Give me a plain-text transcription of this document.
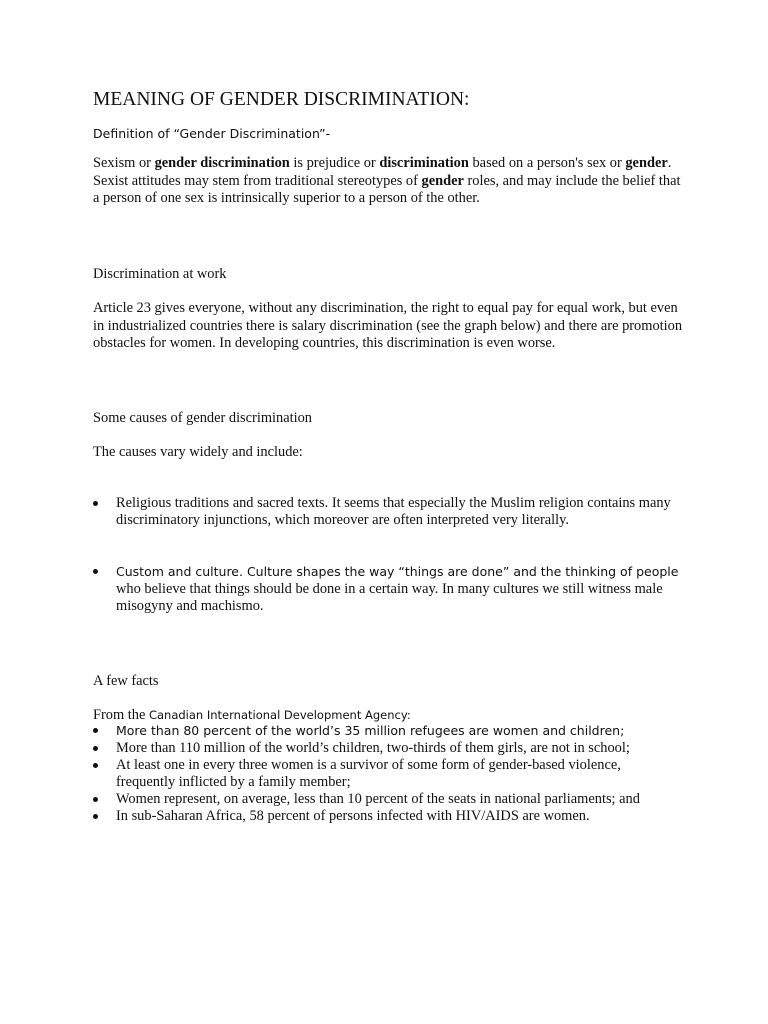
MEANING OF GENDER DISCRIMINATION:
Definition of “Gender Discrimination”-

Sexism or gender discrimination is prejudice or discrimination based on a person's sex or gender. Sexist attitudes may stem from traditional stereotypes of gender roles, and may include the belief that a person of one sex is intrinsically superior to a person of the other.

Discrimination at work

Article 23 gives everyone, without any discrimination, the right to equal pay for equal work, but even in industrialized countries there is salary discrimination (see the graph below) and there are promotion obstacles for women. In developing countries, this discrimination is even worse.

Some causes of gender discrimination
The causes vary widely and include:
Religious traditions and sacred texts. It seems that especially the Muslim religion contains many discriminatory injunctions, which moreover are often interpreted very literally.
Custom and culture. Culture shapes the way “things are done” and the thinking of people who believe that things should be done in a certain way. In many cultures we still witness male misogyny and machismo.
A few facts
From the Canadian International Development Agency:
More than 80 percent of the world’s 35 million refugees are women and children;
More than 110 million of the world’s children, two-thirds of them girls, are not in school;
At least one in every three women is a survivor of some form of gender-based violence, frequently inflicted by a family member;
Women represent, on average, less than 10 percent of the seats in national parliaments; and
In sub-Saharan Africa, 58 percent of persons infected with HIV/AIDS are women.
